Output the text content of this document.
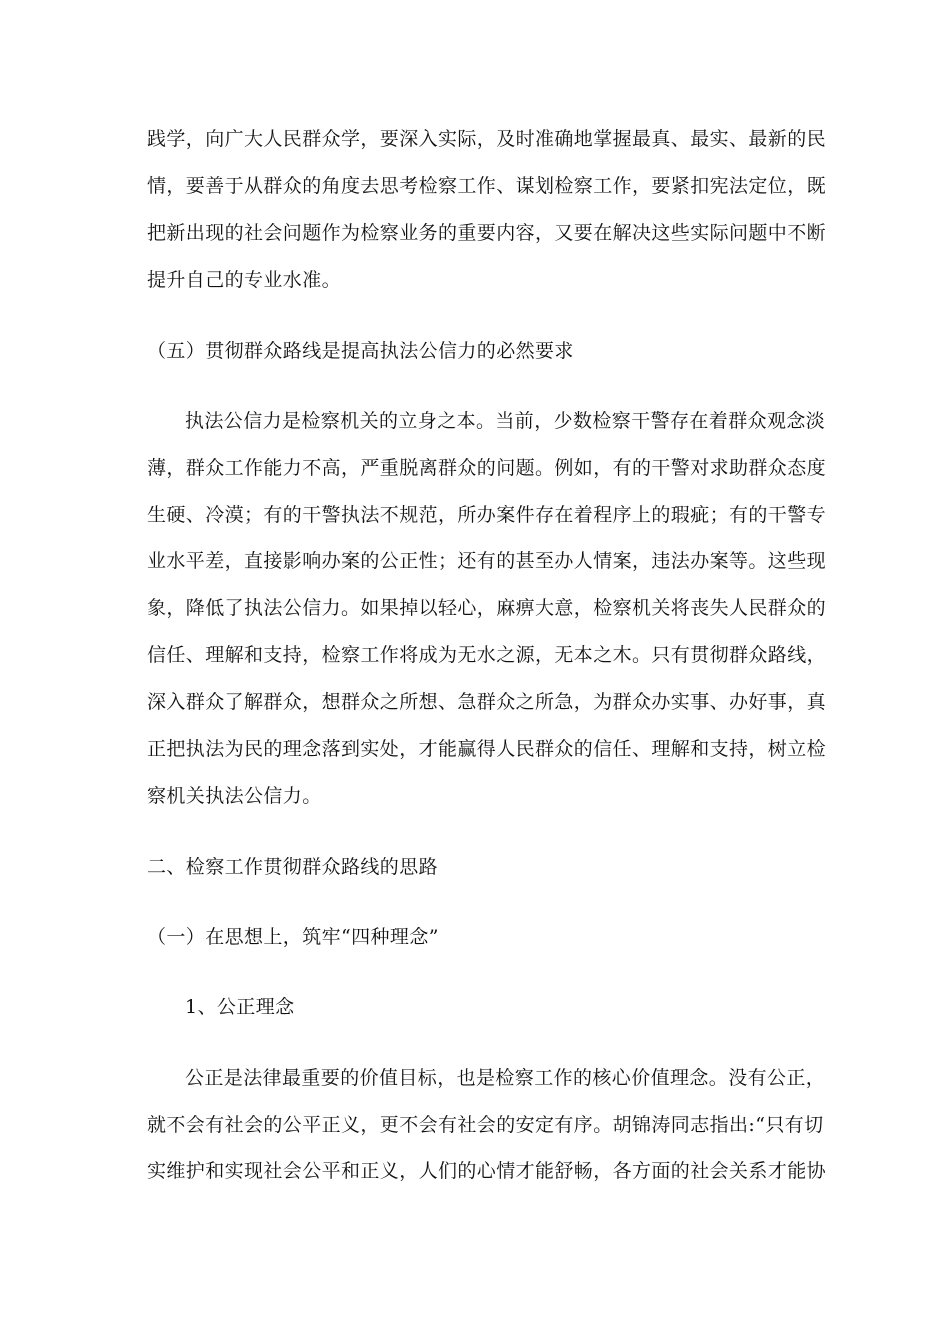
践学，向广大人民群众学，要深入实际，及时准确地掌握最真、最实、最新的民
情，要善于从群众的角度去思考检察工作、谋划检察工作，要紧扣宪法定位，既
把新出现的社会问题作为检察业务的重要内容，又要在解决这些实际问题中不断
提升自己的专业水准。
（五）贯彻群众路线是提高执法公信力的必然要求
执法公信力是检察机关的立身之本。当前，少数检察干警存在着群众观念淡
薄，群众工作能力不高，严重脱离群众的问题。例如，有的干警对求助群众态度
生硬、冷漠；有的干警执法不规范，所办案件存在着程序上的瑕疵；有的干警专
业水平差，直接影响办案的公正性；还有的甚至办人情案，违法办案等。这些现
象，降低了执法公信力。如果掉以轻心，麻痹大意，检察机关将丧失人民群众的
信任、理解和支持，检察工作将成为无水之源，无本之木。只有贯彻群众路线，
深入群众了解群众，想群众之所想、急群众之所急，为群众办实事、办好事，真
正把执法为民的理念落到实处，才能赢得人民群众的信任、理解和支持，树立检
察机关执法公信力。
二、检察工作贯彻群众路线的思路
（一）在思想上，筑牢“四种理念”
1、公正理念
公正是法律最重要的价值目标，也是检察工作的核心价值理念。没有公正，
就不会有社会的公平正义，更不会有社会的安定有序。胡锦涛同志指出:“只有切
实维护和实现社会公平和正义，人们的心情才能舒畅，各方面的社会关系才能协
